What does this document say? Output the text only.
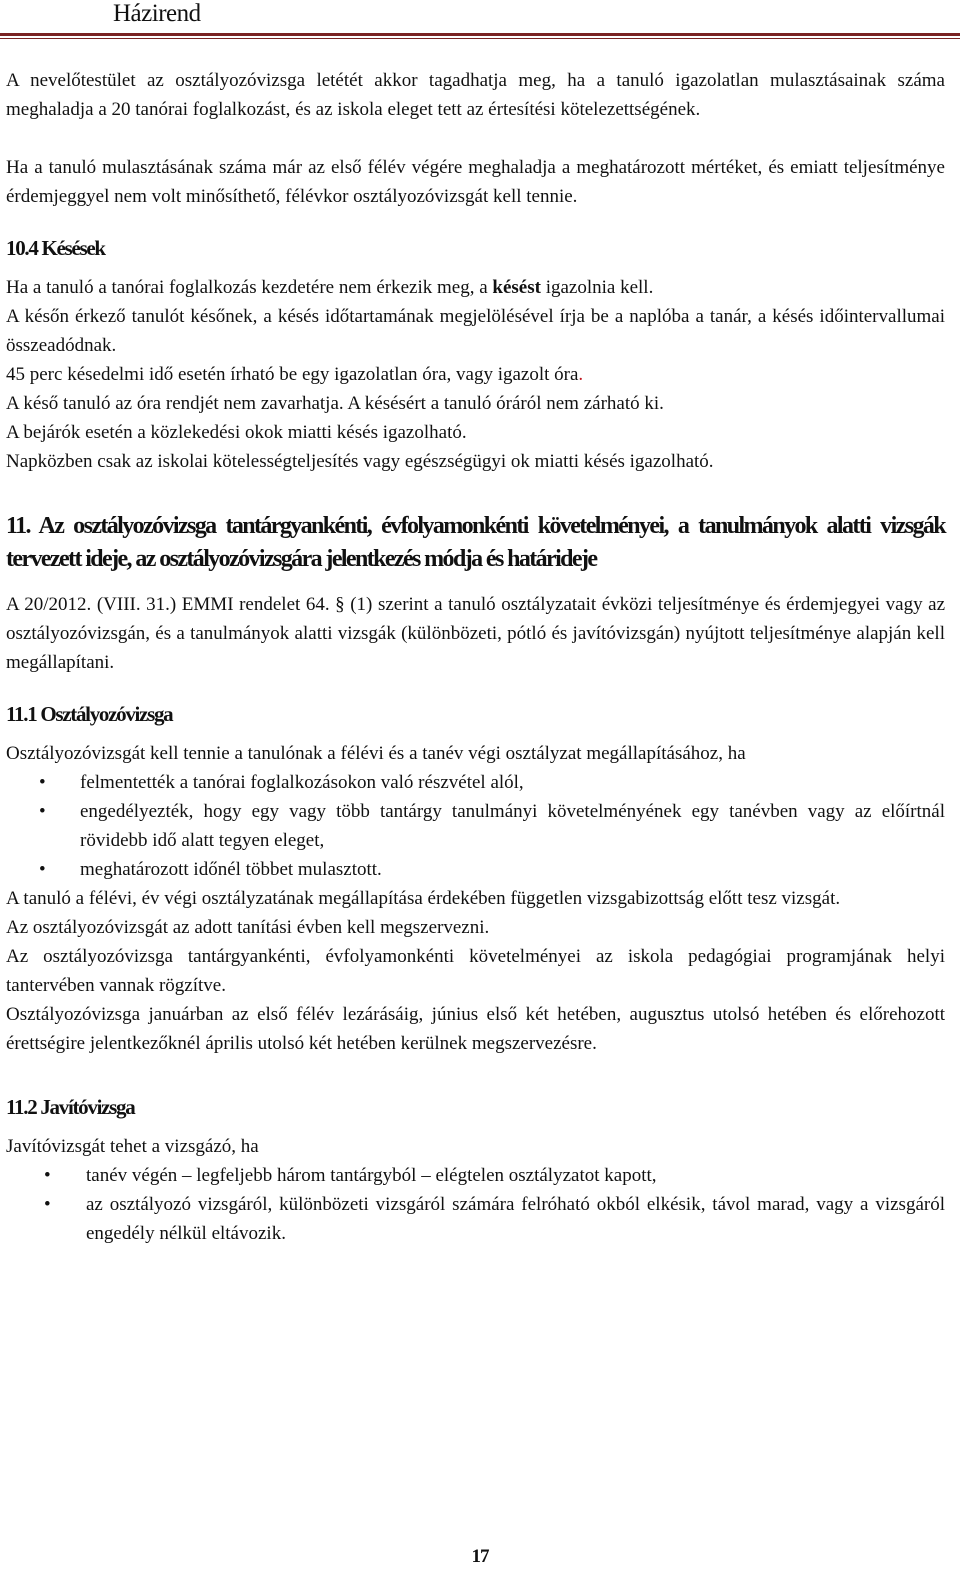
Házirend

A nevelőtestület az osztályozóvizsga letétét akkor tagadhatja meg, ha a tanuló igazolatlan mulasztásainak száma meghaladja a 20 tanórai foglalkozást, és az iskola eleget tett az értesítési kötelezettségének.

Ha a tanuló mulasztásának száma már az első félév végére meghaladja a meghatározott mértéket, és emiatt teljesítménye érdemjeggyel nem volt minősíthető, félévkor osztályozóvizsgát kell tennie.

10.4 Késések

Ha a tanuló a tanórai foglalkozás kezdetére nem érkezik meg, a késést igazolnia kell.

A későn érkező tanulót későnek, a késés időtartamának megjelölésével írja be a naplóba a tanár, a késés időintervallumai összeadódnak.

45 perc késedelmi idő esetén írható be egy igazolatlan óra, vagy igazolt óra.

A késő tanuló az óra rendjét nem zavarhatja. A késésért a tanuló óráról nem zárható ki.

A bejárók esetén a közlekedési okok miatti késés igazolható.

Napközben csak az iskolai kötelességteljesítés vagy egészségügyi ok miatti késés igazolható.

11. Az osztályozóvizsga tantárgyankénti, évfolyamonkénti követelményei, a tanulmányok alatti vizsgák tervezett ideje, az osztályozóvizsgára jelentkezés módja és határideje

A 20/2012. (VIII. 31.) EMMI rendelet 64. § (1) szerint a tanuló osztályzatait évközi teljesítménye és érdemjegyei vagy az osztályozóvizsgán, és a tanulmányok alatti vizsgák (különbözeti, pótló és javítóvizsgán) nyújtott teljesítménye alapján kell megállapítani.

11.1 Osztályozóvizsga

Osztályozóvizsgát kell tennie a tanulónak a félévi és a tanév végi osztályzat megállapításához, ha

• felmentették a tanórai foglalkozásokon való részvétel alól,
• engedélyezték, hogy egy vagy több tantárgy tanulmányi követelményének egy tanévben vagy az előírtnál rövidebb idő alatt tegyen eleget,
• meghatározott időnél többet mulasztott.

A tanuló a félévi, év végi osztályzatának megállapítása érdekében független vizsgabizottság előtt tesz vizsgát.

Az osztályozóvizsgát az adott tanítási évben kell megszervezni.

Az osztályozóvizsga tantárgyankénti, évfolyamonkénti követelményei az iskola pedagógiai programjának helyi tantervében vannak rögzítve.

Osztályozóvizsga januárban az első félév lezárásáig, június első két hetében, augusztus utolsó hetében és előrehozott érettségire jelentkezőknél április utolsó két hetében kerülnek megszervezésre.

11.2 Javítóvizsga

Javítóvizsgát tehet a vizsgázó, ha

• tanév végén – legfeljebb három tantárgyból – elégtelen osztályzatot kapott,
• az osztályozó vizsgáról, különbözeti vizsgáról számára felróható okból elkésik, távol marad, vagy a vizsgáról engedély nélkül eltávozik.
17
